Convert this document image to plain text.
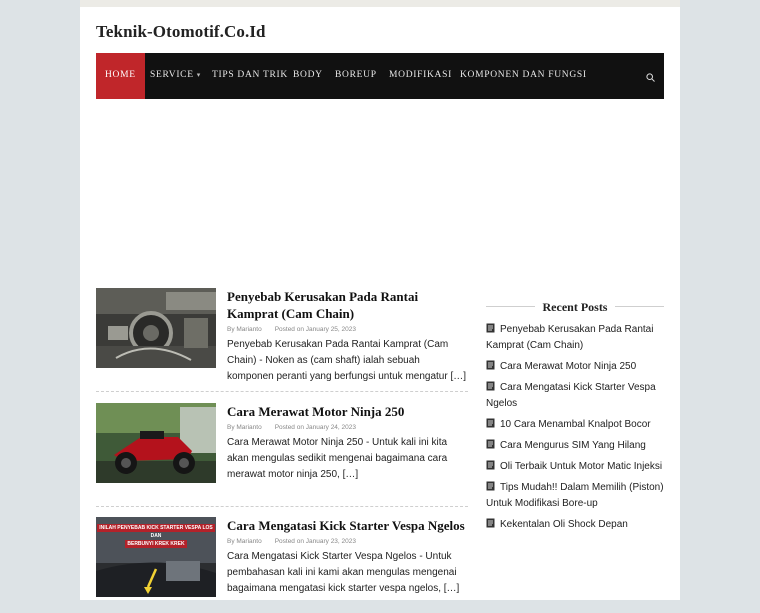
Teknik-Otomotif.Co.Id
HOME	SERVICE ▾ TIPS DAN TRIK BODY BOREUP MODIFIKASI KOMPONEN DAN FUNGSI
Penyebab Kerusakan Pada Rantai Kamprat (Cam Chain)
By Marianto Posted on January 25, 2023
Penyebab Kerusakan Pada Rantai Kamprat (Cam Chain) - Noken as (cam shaft) ialah sebuah komponen peranti yang berfungsi untuk mengatur […]
Cara Merawat Motor Ninja 250
By Marianto Posted on January 24, 2023
Cara Merawat Motor Ninja 250 - Untuk kali ini kita akan mengulas sedikit mengenai bagaimana cara merawat motor ninja 250, […]
INILAH PENYEBAB KICK STARTER VESPA LOS
DAN
BERBUNYI KREK KREK
Cara Mengatasi Kick Starter Vespa Ngelos
By Marianto Posted on January 23, 2023
Cara Mengatasi Kick Starter Vespa Ngelos - Untuk pembahasan kali ini kami akan mengulas mengenai bagaimana mengatasi kick starter vespa ngelos, […]
Recent Posts
Penyebab Kerusakan Pada Rantai Kamprat (Cam Chain)
Cara Merawat Motor Ninja 250
Cara Mengatasi Kick Starter Vespa Ngelos
10 Cara Menambal Knalpot Bocor
Cara Mengurus SIM Yang Hilang
Oli Terbaik Untuk Motor Matic Injeksi
Tips Mudah!! Dalam Memilih (Piston) Untuk Modifikasi Bore-up
Kekentalan Oli Shock Depan
